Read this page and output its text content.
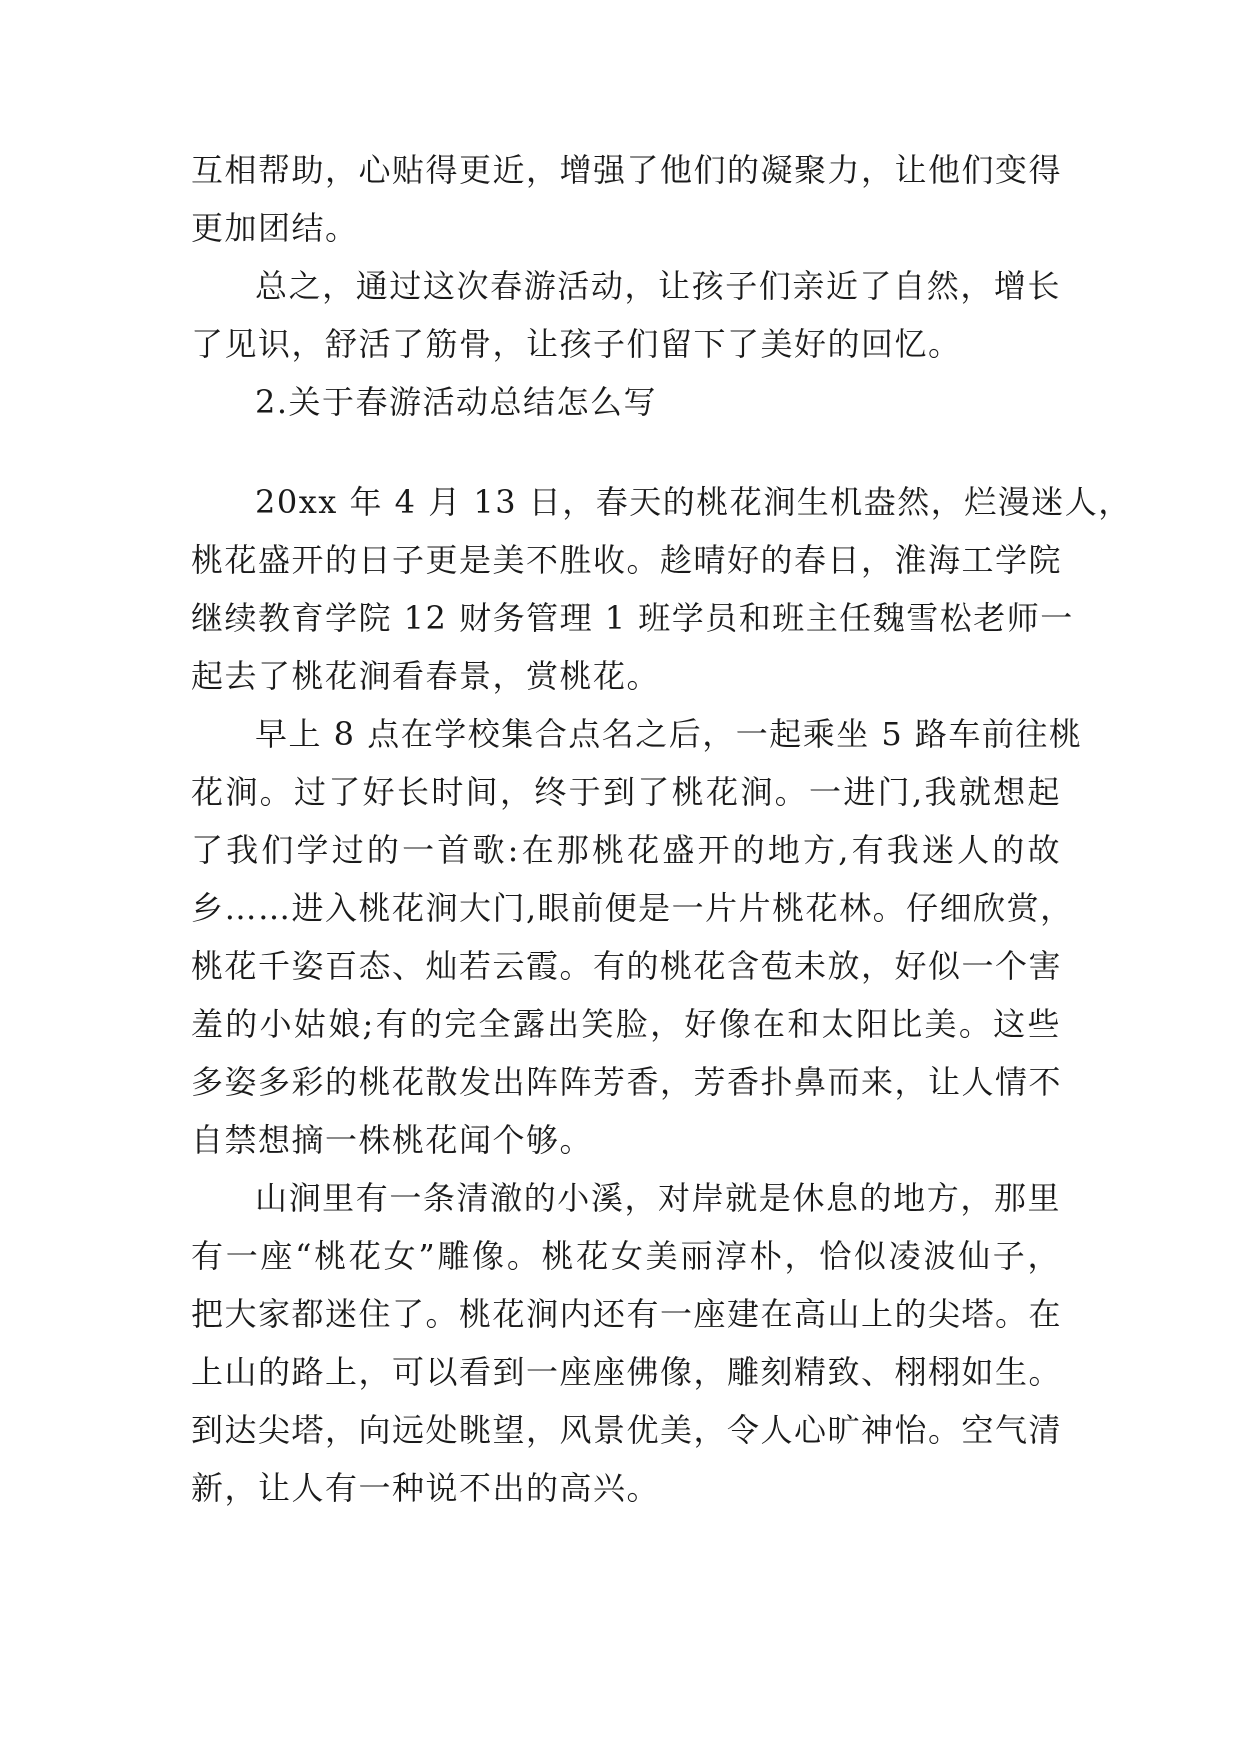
互相帮助，心贴得更近，增强了他们的凝聚力，让他们变得
更加团结。
总之，通过这次春游活动，让孩子们亲近了自然，增长
了见识，舒活了筋骨，让孩子们留下了美好的回忆。
2.关于春游活动总结怎么写
20xx 年 4 月 13 日，春天的桃花涧生机盎然，烂漫迷人，
桃花盛开的日子更是美不胜收。趁晴好的春日，淮海工学院
继续教育学院 12 财务管理 1 班学员和班主任魏雪松老师一
起去了桃花涧看春景，赏桃花。
早上 8 点在学校集合点名之后，一起乘坐 5 路车前往桃
花涧。过了好长时间，终于到了桃花涧。一进门,我就想起
了我们学过的一首歌:在那桃花盛开的地方,有我迷人的故
乡……进入桃花涧大门,眼前便是一片片桃花林。仔细欣赏，
桃花千姿百态、灿若云霞。有的桃花含苞未放，好似一个害
羞的小姑娘;有的完全露出笑脸，好像在和太阳比美。这些
多姿多彩的桃花散发出阵阵芳香，芳香扑鼻而来，让人情不
自禁想摘一株桃花闻个够。
山涧里有一条清澈的小溪，对岸就是休息的地方，那里
有一座“桃花女”雕像。桃花女美丽淳朴，恰似凌波仙子，
把大家都迷住了。桃花涧内还有一座建在高山上的尖塔。在
上山的路上，可以看到一座座佛像，雕刻精致、栩栩如生。
到达尖塔，向远处眺望，风景优美，令人心旷神怡。空气清
新，让人有一种说不出的高兴。
